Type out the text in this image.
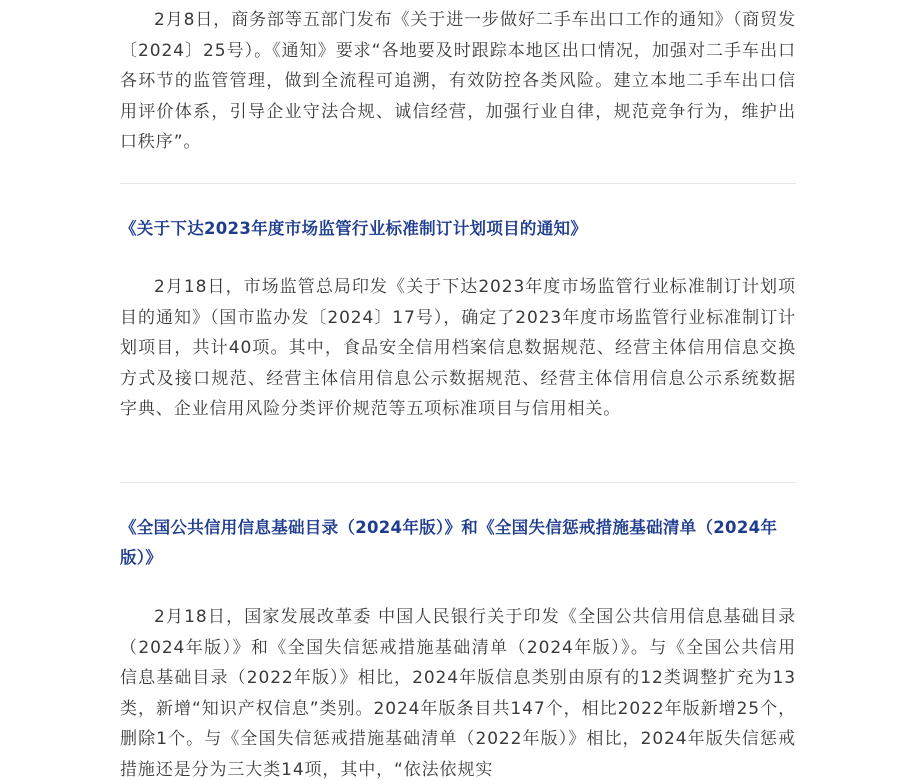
2月8日，商务部等五部门发布《关于进一步做好二手车出口工作的通知》（商贸发〔2024〕25号）。《通知》要求“各地要及时跟踪本地区出口情况，加强对二手车出口各环节的监管管理，做到全流程可追溯，有效防控各类风险。建立本地二手车出口信用评价体系，引导企业守法合规、诚信经营，加强行业自律，规范竞争行为，维护出口秩序”。

《关于下达2023年度市场监管行业标准制订计划项目的通知》

2月18日，市场监管总局印发《关于下达2023年度市场监管行业标准制订计划项目的通知》（国市监办发〔2024〕17号），确定了2023年度市场监管行业标准制订计划项目，共计40项。其中，食品安全信用档案信息数据规范、经营主体信用信息交换方式及接口规范、经营主体信用信息公示数据规范、经营主体信用信息公示系统数据字典、企业信用风险分类评价规范等五项标准项目与信用相关。

《全国公共信用信息基础目录（2024年版）》和《全国失信惩戒措施基础清单（2024年版）》

2月18日，国家发展改革委 中国人民银行关于印发《全国公共信用信息基础目录（2024年版）》和《全国失信惩戒措施基础清单（2024年版）》。与《全国公共信用信息基础目录（2022年版）》相比，2024年版信息类别由原有的12类调整扩充为13类，新增“知识产权信息”类别。2024年版条目共147个，相比2022年版新增25个，删除1个。与《全国失信惩戒措施基础清单（2022年版）》相比，2024年版失信惩戒措施还是分为三大类14项，其中，“依法依规实
